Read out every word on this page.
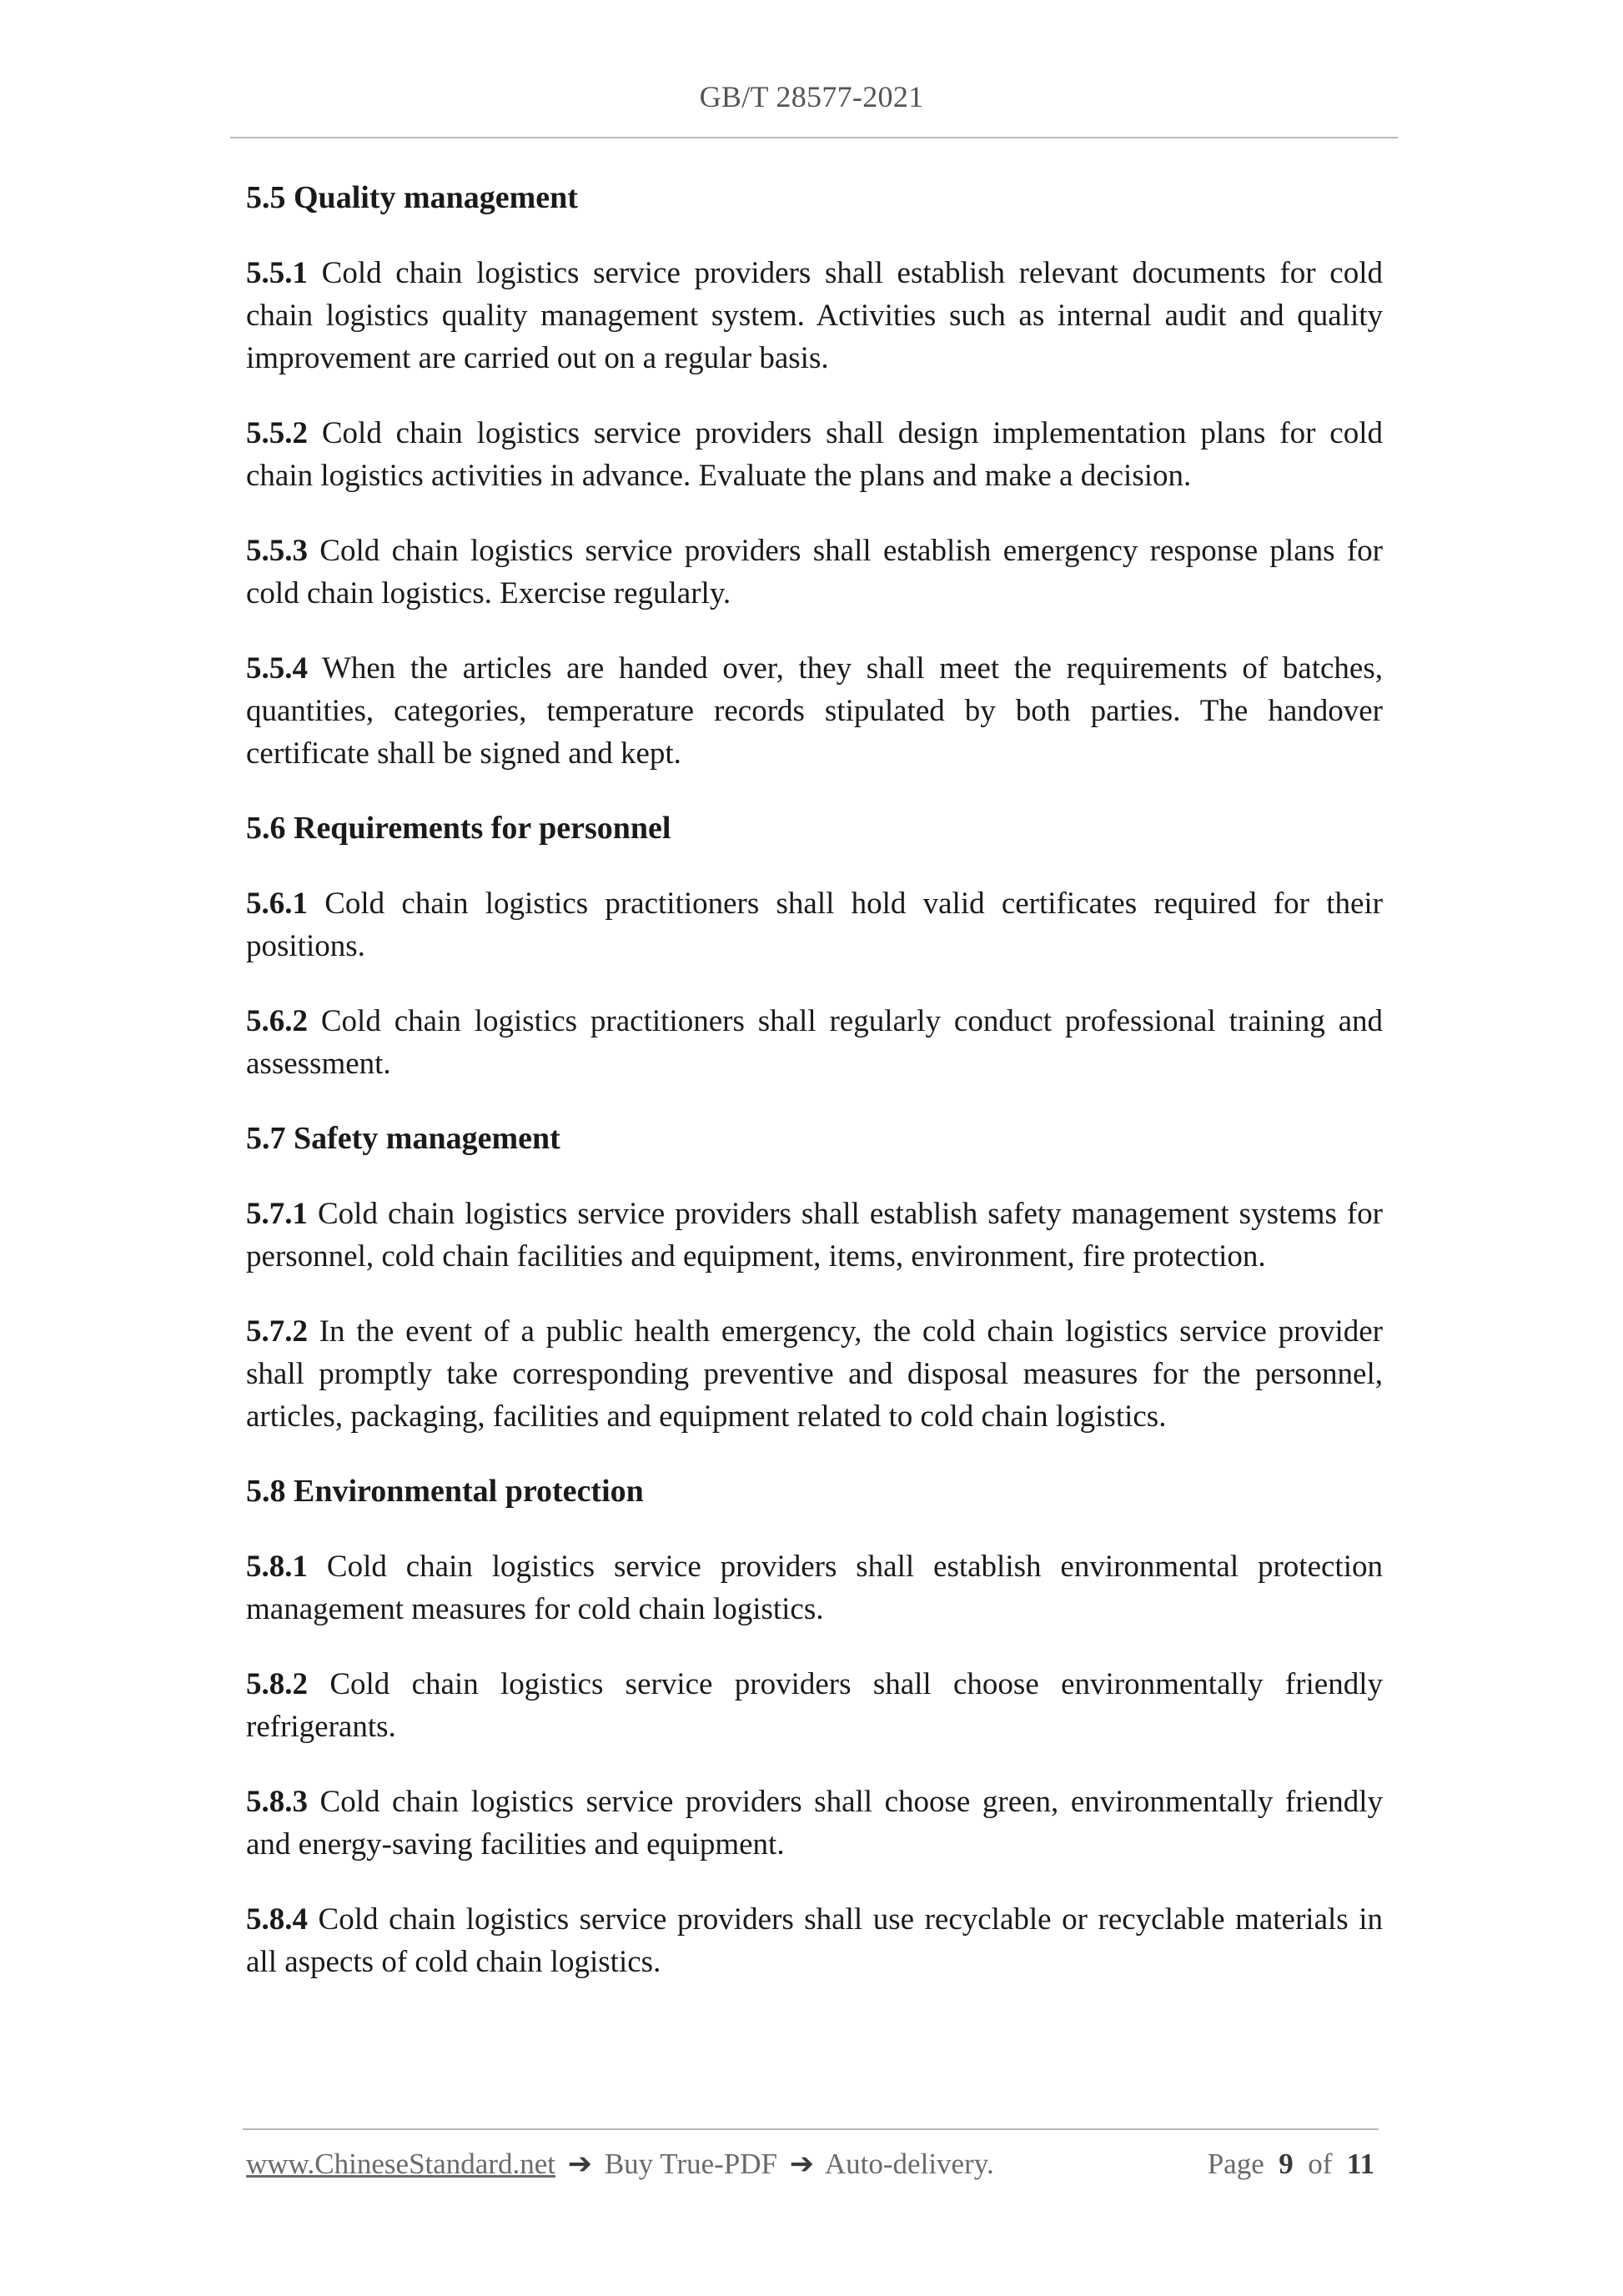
GB/T 28577-2021
5.5 Quality management

5.5.1 Cold chain logistics service providers shall establish relevant documents for cold chain logistics quality management system. Activities such as internal audit and quality improvement are carried out on a regular basis.

5.5.2 Cold chain logistics service providers shall design implementation plans for cold chain logistics activities in advance. Evaluate the plans and make a decision.

5.5.3 Cold chain logistics service providers shall establish emergency response plans for cold chain logistics. Exercise regularly.

5.5.4 When the articles are handed over, they shall meet the requirements of batches, quantities, categories, temperature records stipulated by both parties. The handover certificate shall be signed and kept.

5.6 Requirements for personnel

5.6.1 Cold chain logistics practitioners shall hold valid certificates required for their positions.

5.6.2 Cold chain logistics practitioners shall regularly conduct professional training and assessment.

5.7 Safety management

5.7.1 Cold chain logistics service providers shall establish safety management systems for personnel, cold chain facilities and equipment, items, environment, fire protection.

5.7.2 In the event of a public health emergency, the cold chain logistics service provider shall promptly take corresponding preventive and disposal measures for the personnel, articles, packaging, facilities and equipment related to cold chain logistics.

5.8 Environmental protection

5.8.1 Cold chain logistics service providers shall establish environmental protection management measures for cold chain logistics.

5.8.2 Cold chain logistics service providers shall choose environmentally friendly refrigerants.

5.8.3 Cold chain logistics service providers shall choose green, environmentally friendly and energy-saving facilities and equipment.

5.8.4 Cold chain logistics service providers shall use recyclable or recyclable materials in all aspects of cold chain logistics.

www.ChineseStandard.net ➔ Buy True-PDF ➔ Auto-delivery.	Page 9 of 11
